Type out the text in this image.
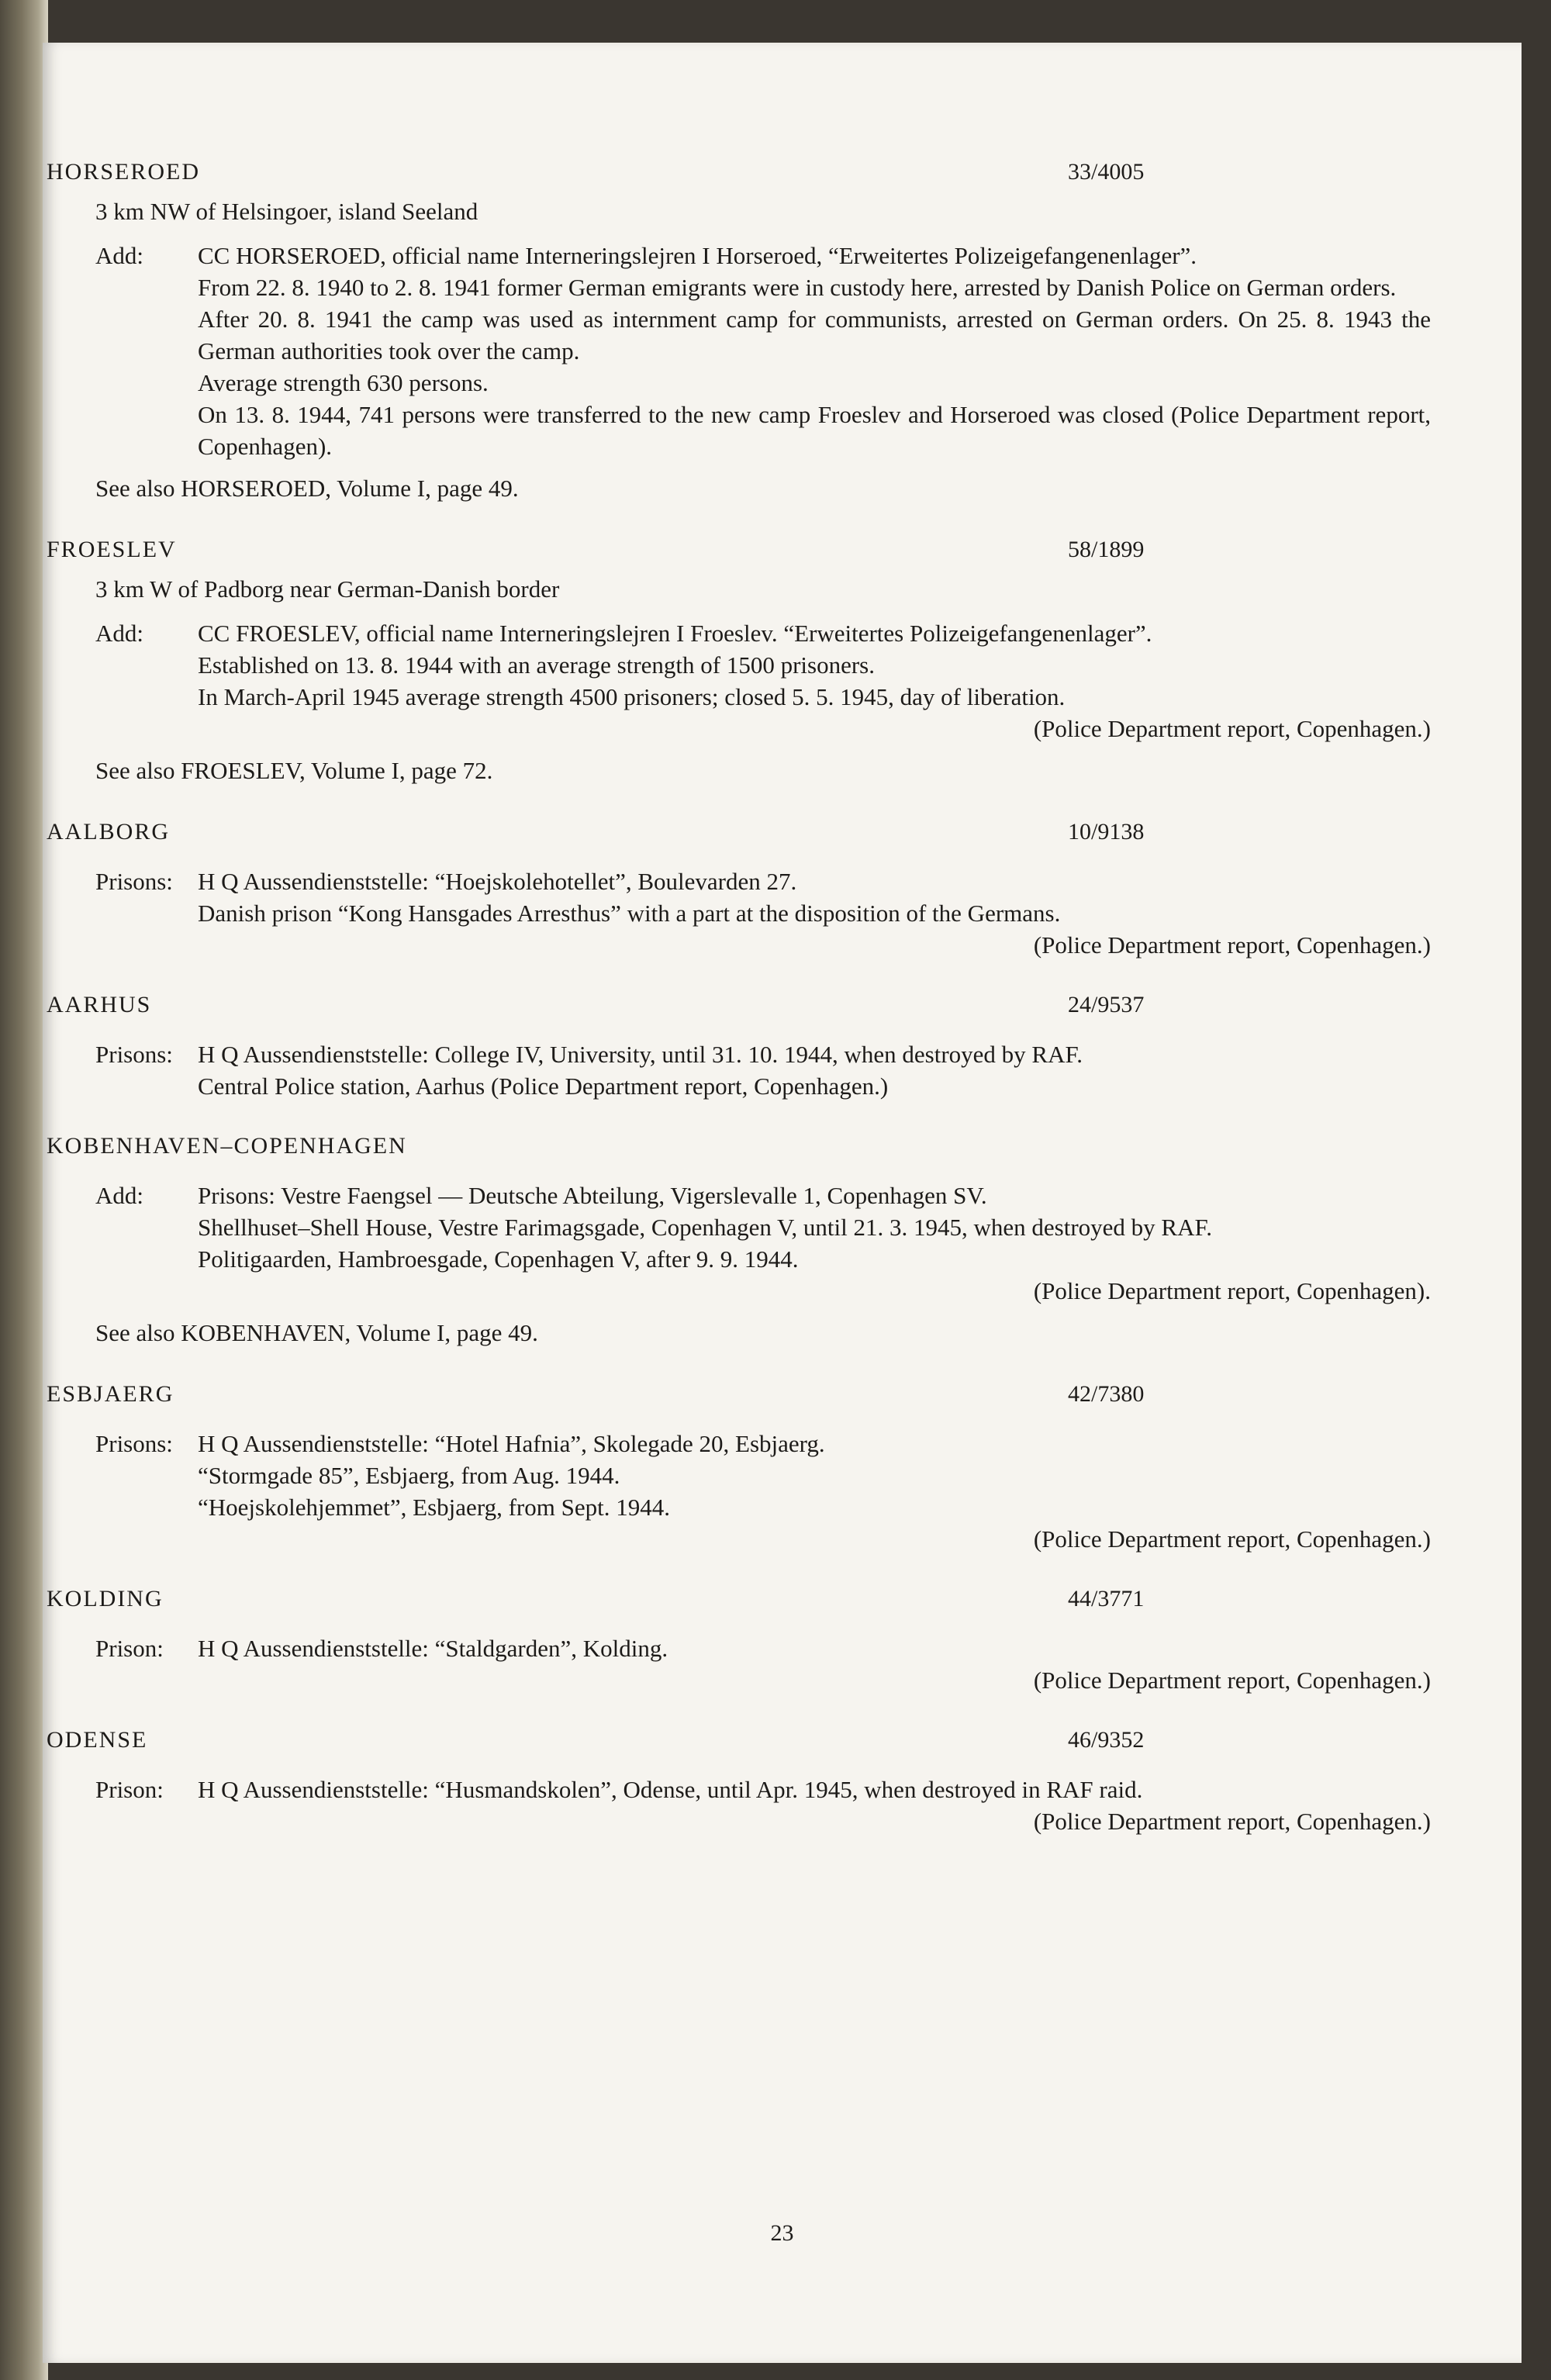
HORSEROED	33/4005
3 km NW of Helsingoer, island Seeland
Add:	CC HORSEROED, official name Interneringslejren I Horseroed, “Erweitertes Polizeigefangenenlager”.

From 22. 8. 1940 to 2. 8. 1941 former German emigrants were in custody here, arrested by Danish Police on German orders.

After 20. 8. 1941 the camp was used as internment camp for communists, arrested on German orders. On 25. 8. 1943 the German authorities took over the camp.

Average strength 630 persons.

On 13. 8. 1944, 741 persons were transferred to the new camp Froeslev and Horseroed was closed (Police Department report, Copenhagen).

See also HORSEROED, Volume I, page 49.
FROESLEV	58/1899
3 km W of Padborg near German-Danish border
Add:	CC FROESLEV, official name Interneringslejren I Froeslev. “Erweitertes Polizeigefangenenlager”.

Established on 13. 8. 1944 with an average strength of 1500 prisoners.

In March-April 1945 average strength 4500 prisoners; closed 5. 5. 1945, day of liberation.

(Police Department report, Copenhagen.)

See also FROESLEV, Volume I, page 72.
AALBORG	10/9138
Prisons:	H Q Aussendienststelle: “Hoejskolehotellet”, Boulevarden 27.

Danish prison “Kong Hansgades Arresthus” with a part at the disposition of the Germans.

(Police Department report, Copenhagen.)

AARHUS	24/9537
Prisons:	H Q Aussendienststelle: College IV, University, until 31. 10. 1944, when destroyed by RAF.

Central Police station, Aarhus (Police Department report, Copenhagen.)

KOBENHAVEN–COPENHAGEN
Add:	Prisons: Vestre Faengsel — Deutsche Abteilung, Vigerslevalle 1, Copenhagen SV.

Shellhuset–Shell House, Vestre Farimagsgade, Copenhagen V, until 21. 3. 1945, when destroyed by RAF.

Politigaarden, Hambroesgade, Copenhagen V, after 9. 9. 1944.

(Police Department report, Copenhagen).

See also KOBENHAVEN, Volume I, page 49.
ESBJAERG	42/7380
Prisons:	H Q Aussendienststelle: “Hotel Hafnia”, Skolegade 20, Esbjaerg.

“Stormgade 85”, Esbjaerg, from Aug. 1944.

“Hoejskolehjemmet”, Esbjaerg, from Sept. 1944.

(Police Department report, Copenhagen.)

KOLDING	44/3771
Prison:	H Q Aussendienststelle: “Staldgarden”, Kolding.

(Police Department report, Copenhagen.)

ODENSE	46/9352
Prison:	H Q Aussendienststelle: “Husmandskolen”, Odense, until Apr. 1945, when destroyed in RAF raid.

(Police Department report, Copenhagen.)

23
